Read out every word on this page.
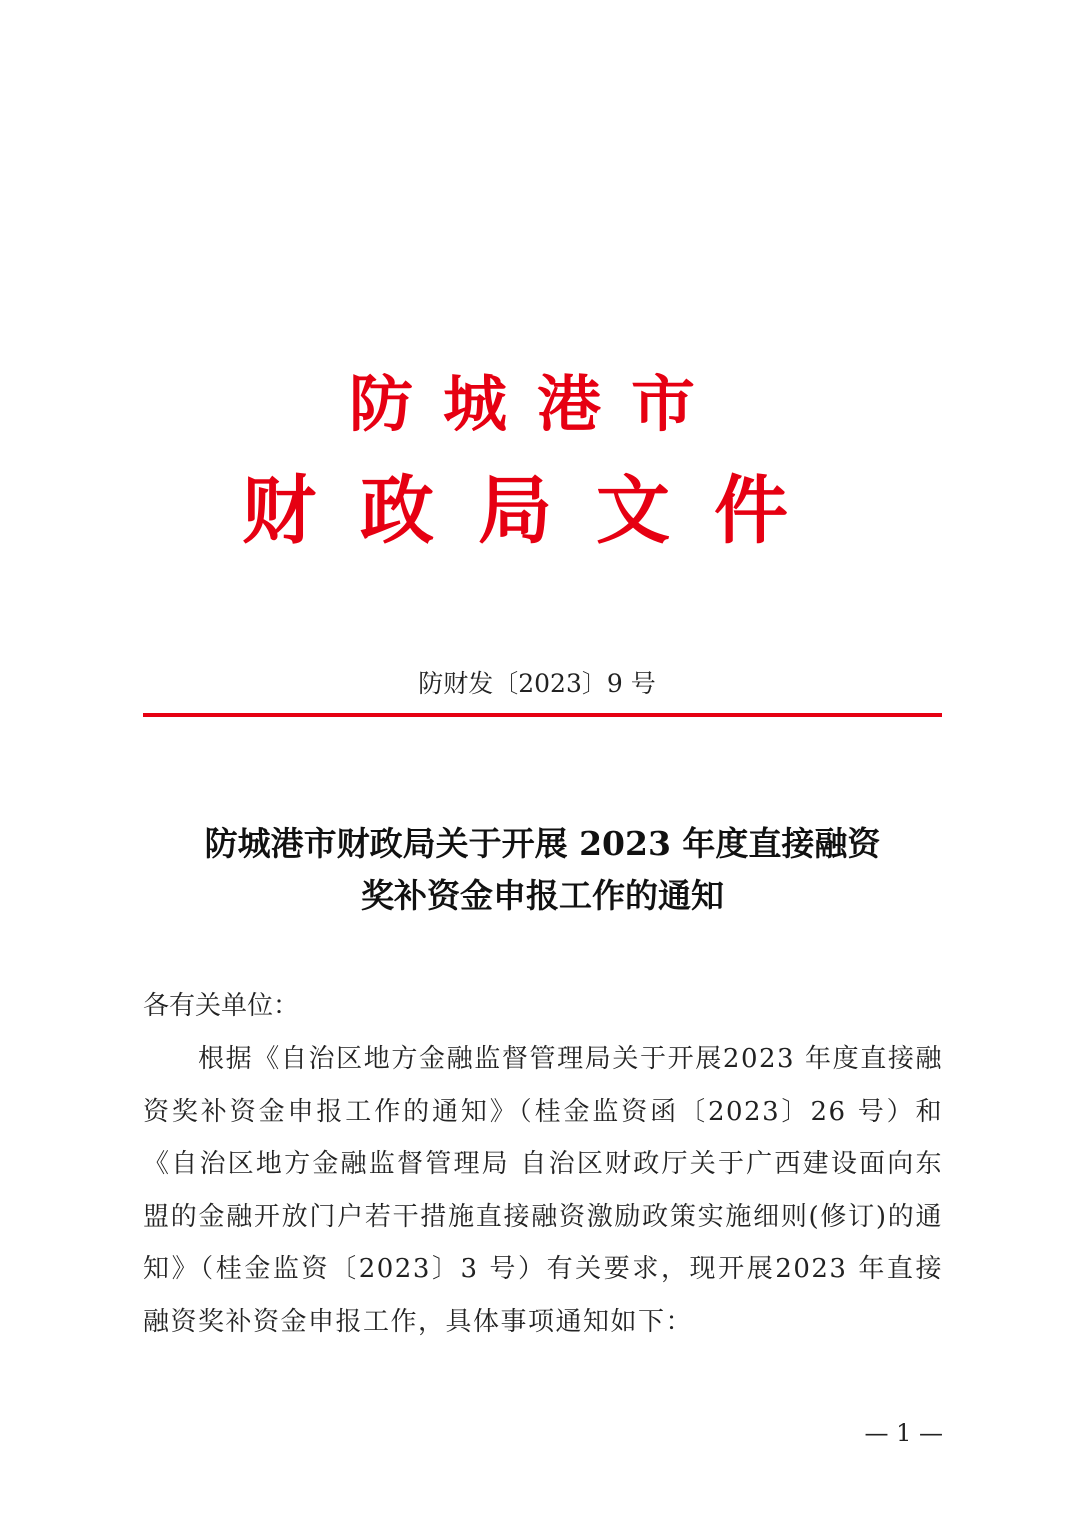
防城港市
财政局文件
防财发〔2023〕9 号
防城港市财政局关于开展 2023 年度直接融资
奖补资金申报工作的通知
各有关单位：
根据《自治区地方金融监督管理局关于开展2023 年度直接融资奖补资金申报工作的通知》（桂金监资函〔2023〕26 号）和《自治区地方金融监督管理局 自治区财政厅关于广西建设面向东盟的金融开放门户若干措施直接融资激励政策实施细则(修订)的通知》（桂金监资〔2023〕3 号）有关要求，现开展2023 年直接融资奖补资金申报工作，具体事项通知如下：
— 1 —
